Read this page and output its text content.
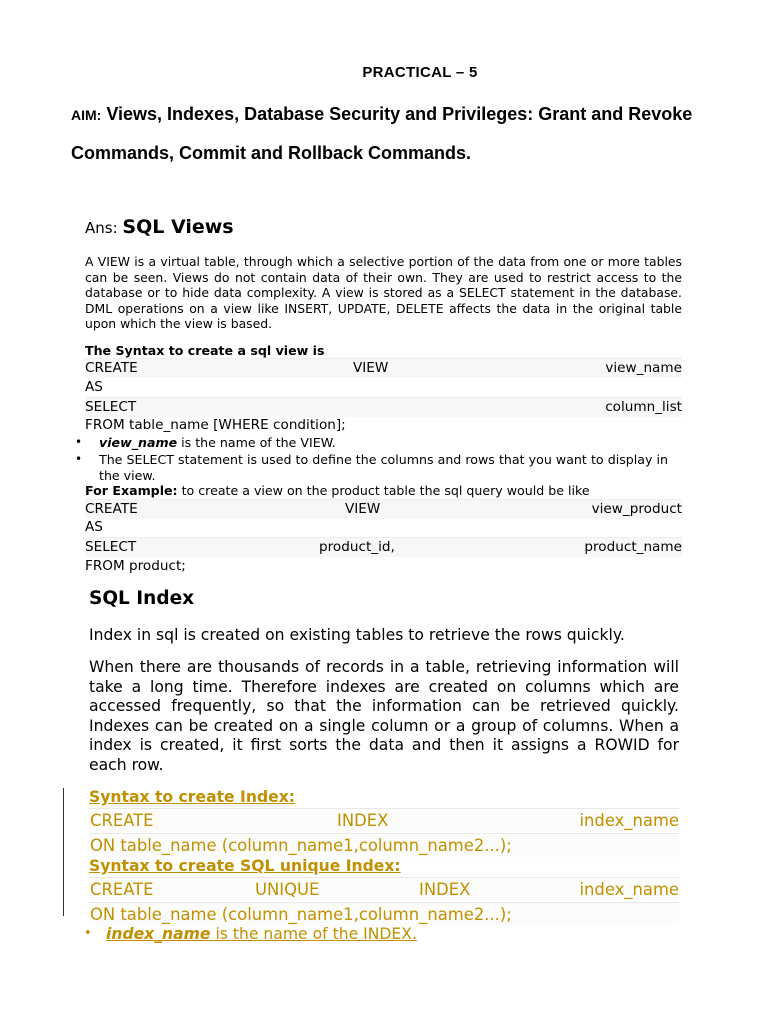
PRACTICAL – 5
AIM: Views, Indexes, Database Security and Privileges: Grant and Revoke
Commands, Commit and Rollback Commands.
Ans: SQL Views
A VIEW is a virtual table, through which a selective portion of the data from one or more tables can be seen. Views do not contain data of their own. They are used to restrict access to the database or to hide data complexity. A view is stored as a SELECT statement in the database. DML operations on a view like INSERT, UPDATE, DELETE affects the data in the original table upon which the view is based.
The Syntax to create a sql view is
CREATE	VIEW	view_name
AS
SELECT	column_list
FROM table_name [WHERE condition];
• view_name is the name of the VIEW.
• The SELECT statement is used to define the columns and rows that you want to display in the view.
For Example: to create a view on the product table the sql query would be like
CREATE	VIEW	view_product
AS
SELECT	product_id,	product_name
FROM product;
SQL Index
Index in sql is created on existing tables to retrieve the rows quickly.
When there are thousands of records in a table, retrieving information will take a long time. Therefore indexes are created on columns which are accessed frequently, so that the information can be retrieved quickly. Indexes can be created on a single column or a group of columns. When a index is created, it first sorts the data and then it assigns a ROWID for each row.
Syntax to create Index:
CREATE	INDEX	index_name
ON table_name (column_name1,column_name2...);
Syntax to create SQL unique Index:
CREATE	UNIQUE	INDEX	index_name
ON table_name (column_name1,column_name2...);
• index_name is the name of the INDEX.
